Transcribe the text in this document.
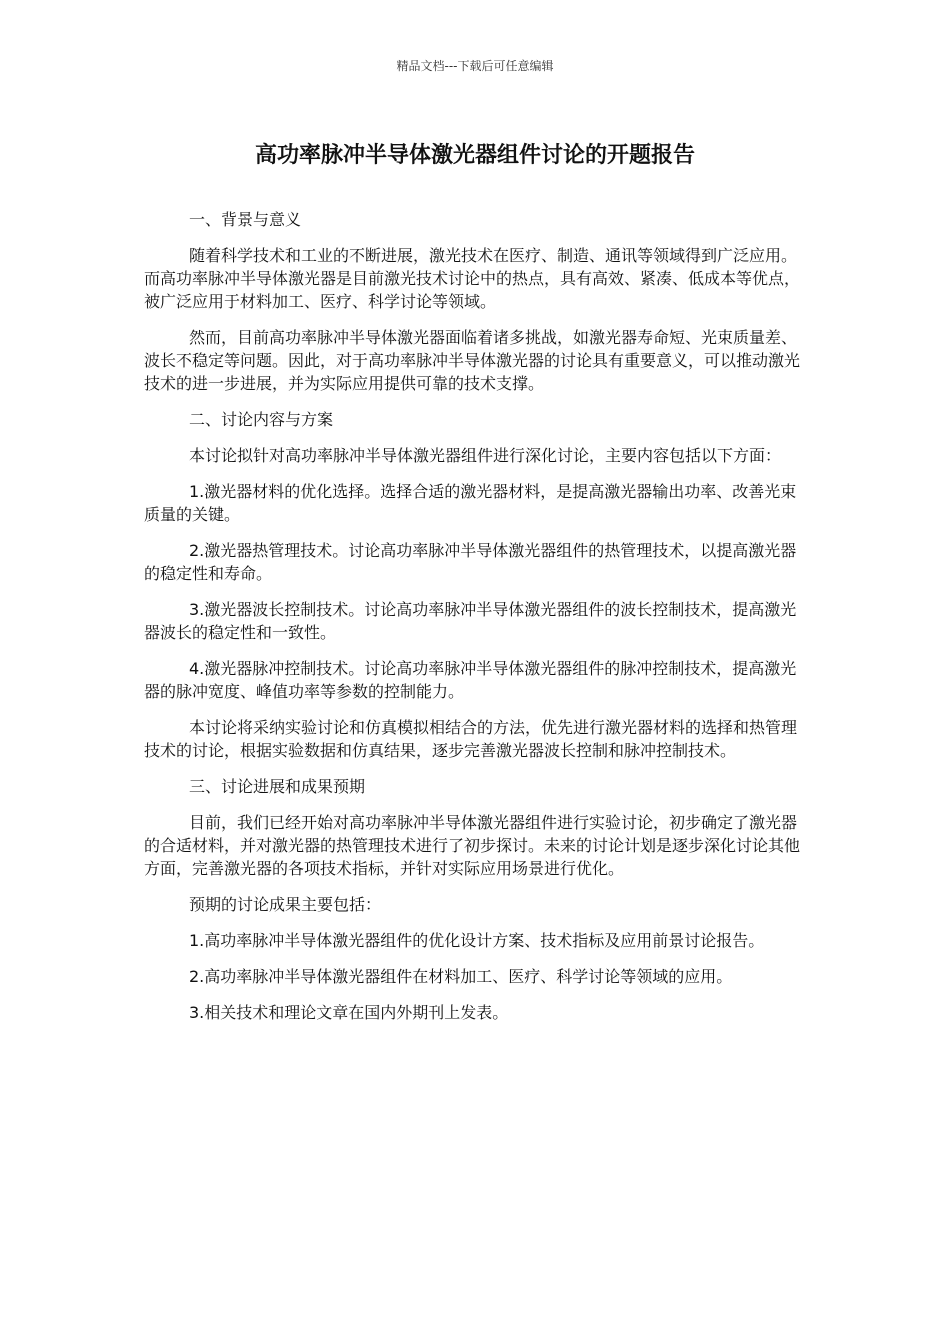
精品文档---下载后可任意编辑
高功率脉冲半导体激光器组件讨论的开题报告

一、背景与意义

随着科学技术和工业的不断进展，激光技术在医疗、制造、通讯等领域得到广泛应用。而高功率脉冲半导体激光器是目前激光技术讨论中的热点，具有高效、紧凑、低成本等优点，被广泛应用于材料加工、医疗、科学讨论等领域。

然而，目前高功率脉冲半导体激光器面临着诸多挑战，如激光器寿命短、光束质量差、波长不稳定等问题。因此，对于高功率脉冲半导体激光器的讨论具有重要意义，可以推动激光技术的进一步进展，并为实际应用提供可靠的技术支撑。

二、讨论内容与方案

本讨论拟针对高功率脉冲半导体激光器组件进行深化讨论，主要内容包括以下方面：

1.激光器材料的优化选择。选择合适的激光器材料，是提高激光器输出功率、改善光束质量的关键。

2.激光器热管理技术。讨论高功率脉冲半导体激光器组件的热管理技术，以提高激光器的稳定性和寿命。

3.激光器波长控制技术。讨论高功率脉冲半导体激光器组件的波长控制技术，提高激光器波长的稳定性和一致性。

4.激光器脉冲控制技术。讨论高功率脉冲半导体激光器组件的脉冲控制技术，提高激光器的脉冲宽度、峰值功率等参数的控制能力。

本讨论将采纳实验讨论和仿真模拟相结合的方法，优先进行激光器材料的选择和热管理技术的讨论，根据实验数据和仿真结果，逐步完善激光器波长控制和脉冲控制技术。

三、讨论进展和成果预期

目前，我们已经开始对高功率脉冲半导体激光器组件进行实验讨论，初步确定了激光器的合适材料，并对激光器的热管理技术进行了初步探讨。未来的讨论计划是逐步深化讨论其他方面，完善激光器的各项技术指标，并针对实际应用场景进行优化。

预期的讨论成果主要包括：

1.高功率脉冲半导体激光器组件的优化设计方案、技术指标及应用前景讨论报告。

2.高功率脉冲半导体激光器组件在材料加工、医疗、科学讨论等领域的应用。

3.相关技术和理论文章在国内外期刊上发表。
